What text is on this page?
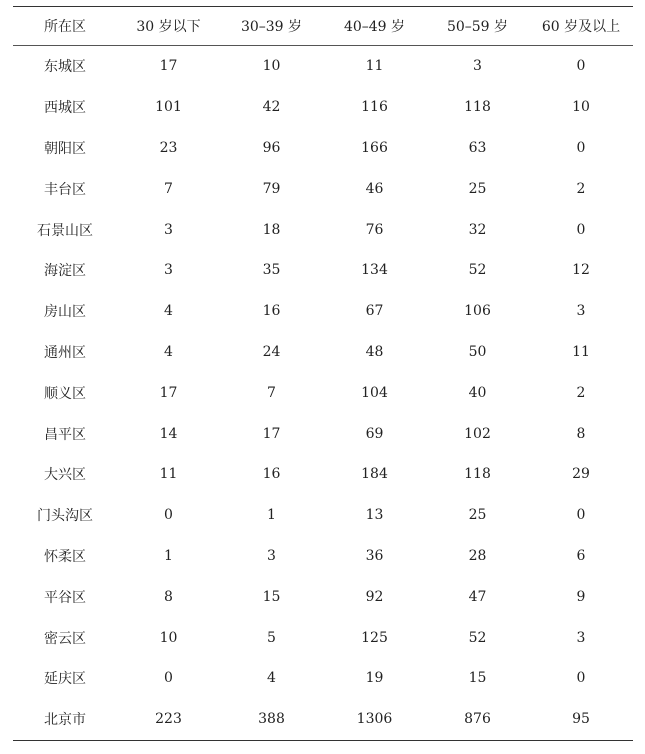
所在区	30 岁以下	30–39 岁	40–49 岁	50–59 岁	60 岁及以上
东城区	17	10	11	3	0
西城区	101	42	116	118	10
朝阳区	23	96	166	63	0
丰台区	7	79	46	25	2
石景山区	3	18	76	32	0
海淀区	3	35	134	52	12
房山区	4	16	67	106	3
通州区	4	24	48	50	11
顺义区	17	7	104	40	2
昌平区	14	17	69	102	8
大兴区	11	16	184	118	29
门头沟区	0	1	13	25	0
怀柔区	1	3	36	28	6
平谷区	8	15	92	47	9
密云区	10	5	125	52	3
延庆区	0	4	19	15	0
北京市	223	388	1306	876	95
